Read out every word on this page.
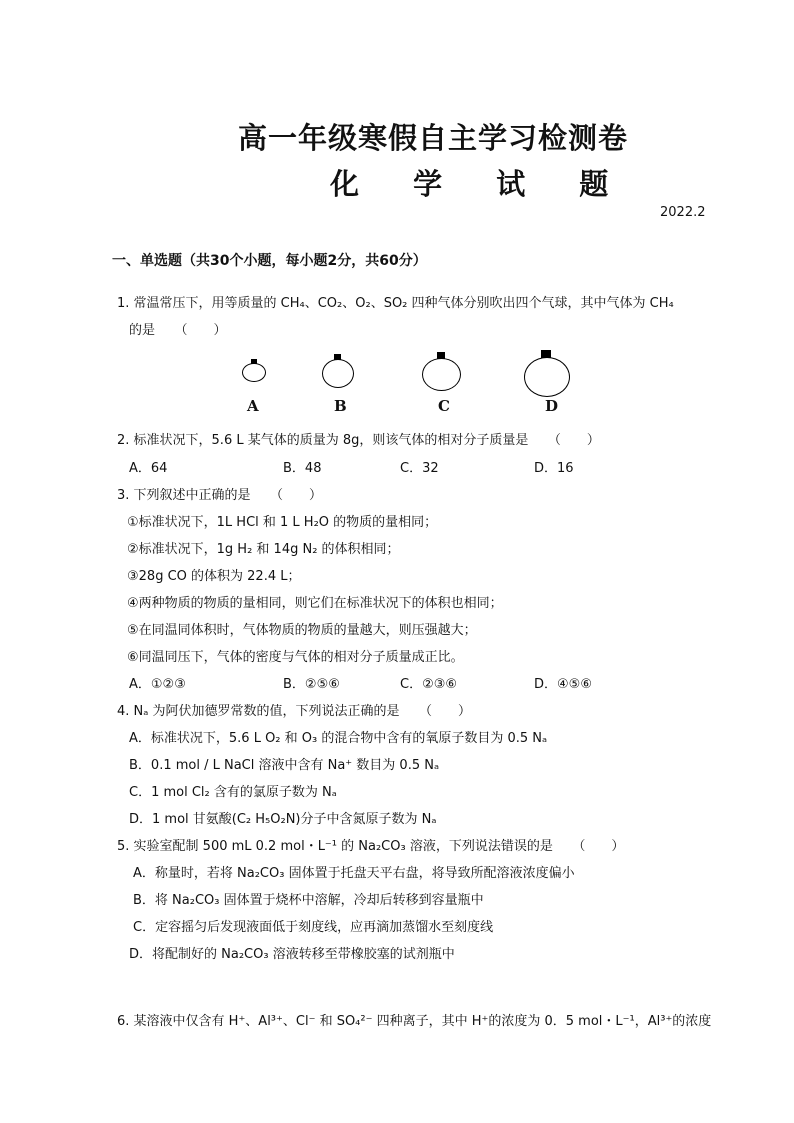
高一年级寒假自主学习检测卷
化 学 试 题
2022.2
一、单选题（共30个小题，每小题2分，共60分）
1. 常温常压下，用等质量的 CH₄、CO₂、O₂、SO₂ 四种气体分别吹出四个气球，其中气体为 CH₄
的是　　（　　）
A	B	C	D
2. 标准状况下，5.6 L 某气体的质量为 8g，则该气体的相对分子质量是　　（　　）
A．64	B．48	C．32	D．16
3. 下列叙述中正确的是　　（　　）
①标准状况下，1L HCl 和 1 L H₂O 的物质的量相同；
②标准状况下，1g H₂ 和 14g N₂ 的体积相同；
③28g CO 的体积为 22.4 L；
④两种物质的物质的量相同，则它们在标准状况下的体积也相同；
⑤在同温同体积时，气体物质的物质的量越大，则压强越大；
⑥同温同压下，气体的密度与气体的相对分子质量成正比。
A．①②③	B．②⑤⑥	C．②③⑥	D．④⑤⑥
4. Nₐ 为阿伏加德罗常数的值，下列说法正确的是　　（　　）
A．标准状况下，5.6 L O₂ 和 O₃ 的混合物中含有的氧原子数目为 0.5 Nₐ
B．0.1 mol / L NaCl 溶液中含有 Na⁺ 数目为 0.5 Nₐ
C．1 mol Cl₂ 含有的氯原子数为 Nₐ
D．1 mol 甘氨酸(C₂ H₅O₂N)分子中含氮原子数为 Nₐ
5. 实验室配制 500 mL 0.2 mol・L⁻¹ 的 Na₂CO₃ 溶液，下列说法错误的是　　（　　）
A．称量时，若将 Na₂CO₃ 固体置于托盘天平右盘，将导致所配溶液浓度偏小
B．将 Na₂CO₃ 固体置于烧杯中溶解，冷却后转移到容量瓶中
C．定容摇匀后发现液面低于刻度线，应再滴加蒸馏水至刻度线
D．将配制好的 Na₂CO₃ 溶液转移至带橡胶塞的试剂瓶中
6. 某溶液中仅含有 H⁺、Al³⁺、Cl⁻ 和 SO₄²⁻ 四种离子，其中 H⁺的浓度为 0．5 mol・L⁻¹，Al³⁺的浓度
